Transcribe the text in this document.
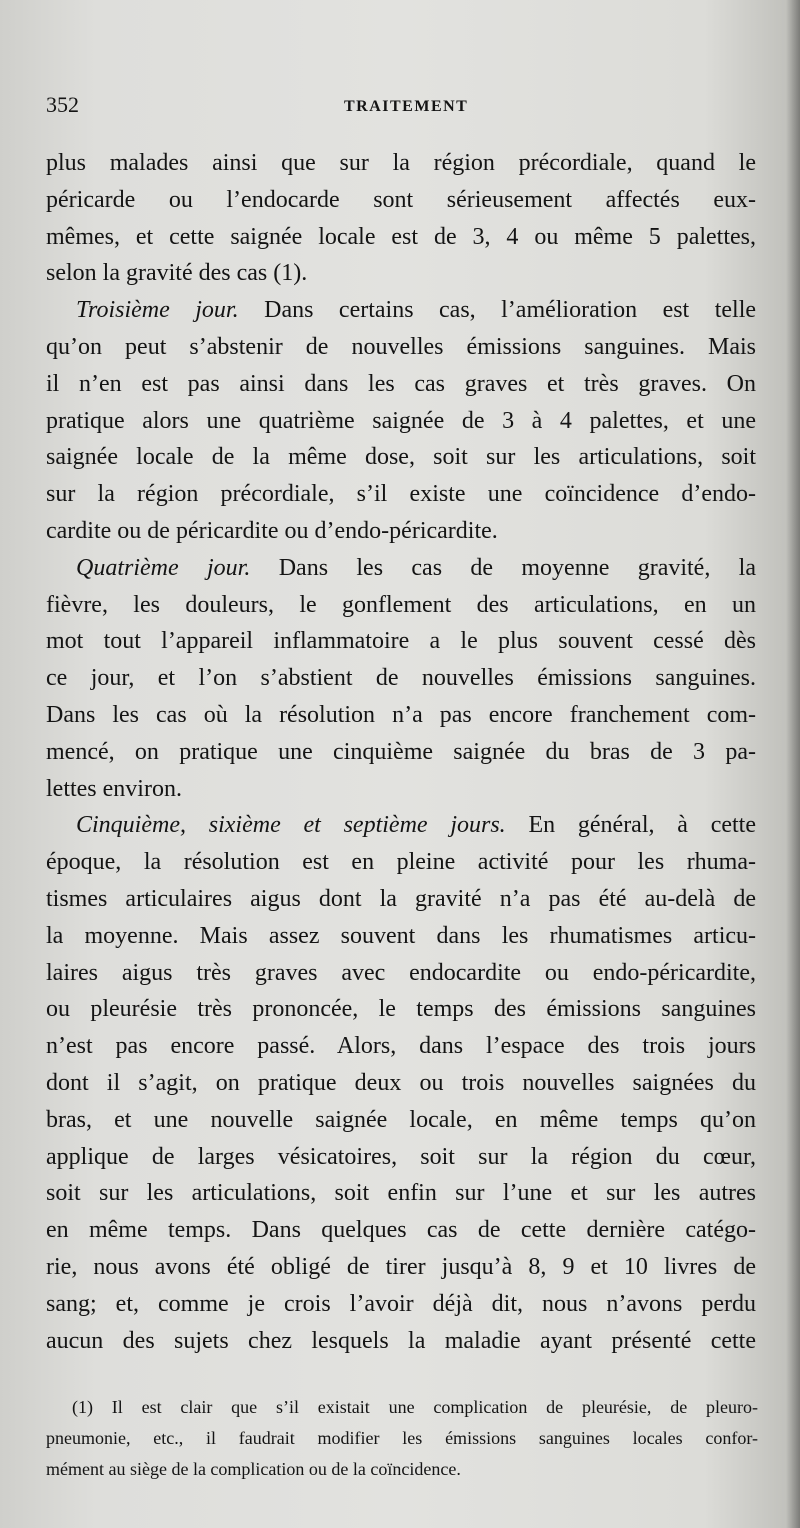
352	TRAITEMENT
plus malades ainsi que sur la région précordiale, quand le
péricarde ou l’endocarde sont sérieusement affectés eux-
mêmes, et cette saignée locale est de 3, 4 ou même 5 palettes,
selon la gravité des cas (1).
Troisième jour. Dans certains cas, l’amélioration est telle
qu’on peut s’abstenir de nouvelles émissions sanguines. Mais
il n’en est pas ainsi dans les cas graves et très graves. On
pratique alors une quatrième saignée de 3 à 4 palettes, et une
saignée locale de la même dose, soit sur les articulations, soit
sur la région précordiale, s’il existe une coïncidence d’endo-
cardite ou de péricardite ou d’endo-péricardite.
Quatrième jour. Dans les cas de moyenne gravité, la
fièvre, les douleurs, le gonflement des articulations, en un
mot tout l’appareil inflammatoire a le plus souvent cessé dès
ce jour, et l’on s’abstient de nouvelles émissions sanguines.
Dans les cas où la résolution n’a pas encore franchement com-
mencé, on pratique une cinquième saignée du bras de 3 pa-
lettes environ.
Cinquième, sixième et septième jours. En général, à cette
époque, la résolution est en pleine activité pour les rhuma-
tismes articulaires aigus dont la gravité n’a pas été au-delà de
la moyenne. Mais assez souvent dans les rhumatismes articu-
laires aigus très graves avec endocardite ou endo-péricardite,
ou pleurésie très prononcée, le temps des émissions sanguines
n’est pas encore passé. Alors, dans l’espace des trois jours
dont il s’agit, on pratique deux ou trois nouvelles saignées du
bras, et une nouvelle saignée locale, en même temps qu’on
applique de larges vésicatoires, soit sur la région du cœur,
soit sur les articulations, soit enfin sur l’une et sur les autres
en même temps. Dans quelques cas de cette dernière catégo-
rie, nous avons été obligé de tirer jusqu’à 8, 9 et 10 livres de
sang; et, comme je crois l’avoir déjà dit, nous n’avons perdu
aucun des sujets chez lesquels la maladie ayant présenté cette
(1) Il est clair que s’il existait une complication de pleurésie, de pleuro-
pneumonie, etc., il faudrait modifier les émissions sanguines locales confor-
mément au siège de la complication ou de la coïncidence.
